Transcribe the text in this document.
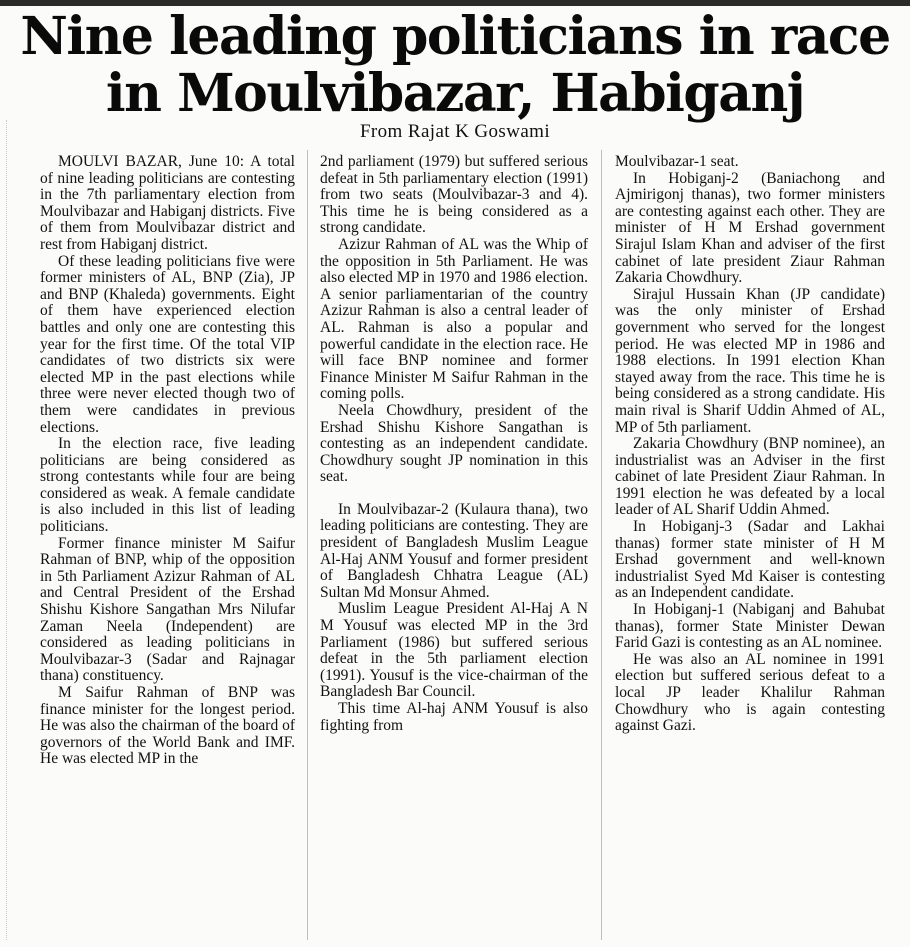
Nine leading politicians in race
in Moulvibazar, Habiganj
From Rajat K Goswami

MOULVI BAZAR, June 10: A total of nine leading politicians are contesting in the 7th parliamentary election from Moulvibazar and Habiganj districts. Five of them from Moulvibazar district and rest from Habiganj district.

Of these leading politicians five were former ministers of AL, BNP (Zia), JP and BNP (Khaleda) governments. Eight of them have experienced election battles and only one are contesting this year for the first time. Of the total VIP candidates of two districts six were elected MP in the past elections while three were never elected though two of them were candidates in previous elections.

In the election race, five leading politicians are being considered as strong contestants while four are being considered as weak. A female candidate is also included in this list of leading politicians.

Former finance minister M Saifur Rahman of BNP, whip of the opposition in 5th Parliament Azizur Rahman of AL and Central President of the Ershad Shishu Kishore Sangathan Mrs Nilufar Zaman Neela (Independent) are considered as leading politicians in Moulvibazar-3 (Sadar and Rajnagar thana) constituency.

M Saifur Rahman of BNP was finance minister for the longest period. He was also the chairman of the board of governors of the World Bank and IMF. He was elected MP in the

2nd parliament (1979) but suffered serious defeat in 5th parliamentary election (1991) from two seats (Moulvibazar-3 and 4). This time he is being considered as a strong candidate.

Azizur Rahman of AL was the Whip of the opposition in 5th Parliament. He was also elected MP in 1970 and 1986 election. A senior parliamentarian of the country Azizur Rahman is also a central leader of AL. Rahman is also a popular and powerful candidate in the election race. He will face BNP nominee and former Finance Minister M Saifur Rahman in the coming polls.

Neela Chowdhury, president of the Ershad Shishu Kishore Sangathan is contesting as an independent candidate. Chowdhury sought JP nomination in this seat.

In Moulvibazar-2 (Kulaura thana), two leading politicians are contesting. They are president of Bangladesh Muslim League Al-Haj ANM Yousuf and former president of Bangladesh Chhatra League (AL) Sultan Md Monsur Ahmed.

Muslim League President Al-Haj A N M Yousuf was elected MP in the 3rd Parliament (1986) but suffered serious defeat in the 5th parliament election (1991). Yousuf is the vice-chairman of the Bangladesh Bar Council.

This time Al-haj ANM Yousuf is also fighting from

Moulvibazar-1 seat.

In Hobiganj-2 (Baniachong and Ajmirigonj thanas), two former ministers are contesting against each other. They are minister of H M Ershad government Sirajul Islam Khan and adviser of the first cabinet of late president Ziaur Rahman Zakaria Chowdhury.

Sirajul Hussain Khan (JP candidate) was the only minister of Ershad government who served for the longest period. He was elected MP in 1986 and 1988 elections. In 1991 election Khan stayed away from the race. This time he is being considered as a strong candidate. His main rival is Sharif Uddin Ahmed of AL, MP of 5th parliament.

Zakaria Chowdhury (BNP nominee), an industrialist was an Adviser in the first cabinet of late President Ziaur Rahman. In 1991 election he was defeated by a local leader of AL Sharif Uddin Ahmed.

In Hobiganj-3 (Sadar and Lakhai thanas) former state minister of H M Ershad government and well-known industrialist Syed Md Kaiser is contesting as an Independent candidate.

In Hobiganj-1 (Nabiganj and Bahubat thanas), former State Minister Dewan Farid Gazi is contesting as an AL nominee.

He was also an AL nominee in 1991 election but suffered serious defeat to a local JP leader Khalilur Rahman Chowdhury who is again contesting against Gazi.
